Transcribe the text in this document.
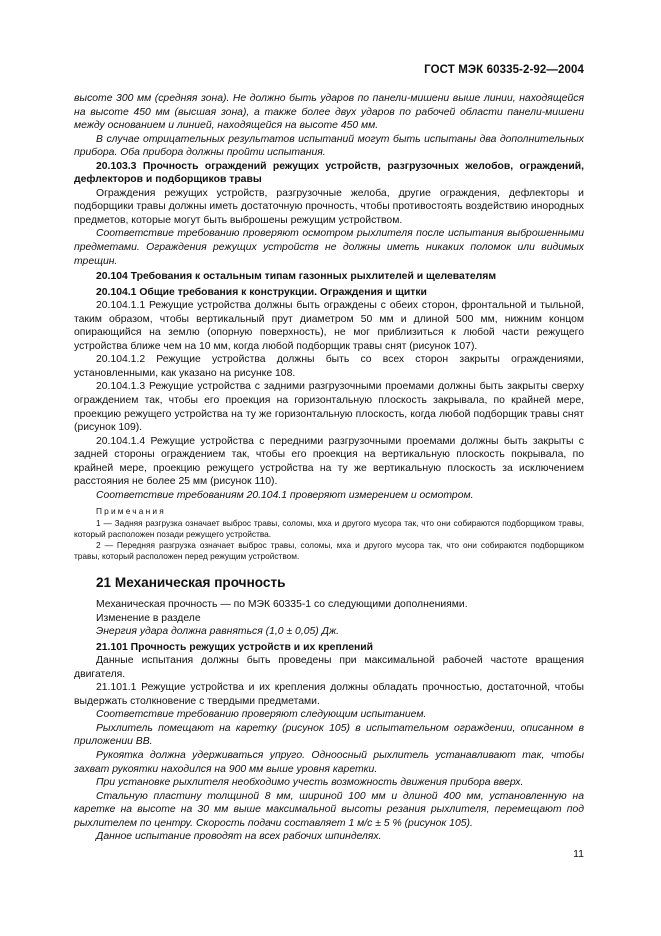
ГОСТ МЭК 60335-2-92—2004

высоте 300 мм (средняя зона). Не должно быть ударов по панели-мишени выше линии, находящейся на высоте 450 мм (высшая зона), а также более двух ударов по рабочей области панели-мишени между основанием и линией, находящейся на высоте 450 мм.

В случае отрицательных результатов испытаний могут быть испытаны два дополнительных прибора. Оба прибора должны пройти испытания.

20.103.3 Прочность ограждений режущих устройств, разгрузочных желобов, ограждений, дефлекторов и подборщиков травы

Ограждения режущих устройств, разгрузочные желоба, другие ограждения, дефлекторы и подборщики травы должны иметь достаточную прочность, чтобы противостоять воздействию инородных предметов, которые могут быть выброшены режущим устройством.

Соответствие требованию проверяют осмотром рыхлителя после испытания выброшенными предметами. Ограждения режущих устройств не должны иметь никаких поломок или видимых трещин.

20.104 Требования к остальным типам газонных рыхлителей и щелевателям

20.104.1 Общие требования к конструкции. Ограждения и щитки

20.104.1.1 Режущие устройства должны быть ограждены с обеих сторон, фронтальной и тыльной, таким образом, чтобы вертикальный прут диаметром 50 мм и длиной 500 мм, нижним концом опирающийся на землю (опорную поверхность), не мог приблизиться к любой части режущего устройства ближе чем на 10 мм, когда любой подборщик травы снят (рисунок 107).

20.104.1.2 Режущие устройства должны быть со всех сторон закрыты ограждениями, установленными, как указано на рисунке 108.

20.104.1.3 Режущие устройства с задними разгрузочными проемами должны быть закрыты сверху ограждением так, чтобы его проекция на горизонтальную плоскость закрывала, по крайней мере, проекцию режущего устройства на ту же горизонтальную плоскость, когда любой подборщик травы снят (рисунок 109).

20.104.1.4 Режущие устройства с передними разгрузочными проемами должны быть закрыты с задней стороны ограждением так, чтобы его проекция на вертикальную плоскость покрывала, по крайней мере, проекцию режущего устройства на ту же вертикальную плоскость за исключением расстояния не более 25 мм (рисунок 110).

Соответствие требованиям 20.104.1 проверяют измерением и осмотром.

Примечания

1 — Задняя разгрузка означает выброс травы, соломы, мха и другого мусора так, что они собираются подборщиком травы, который расположен позади режущего устройства.

2 — Передняя разгрузка означает выброс травы, соломы, мха и другого мусора так, что они собираются подборщиком травы, который расположен перед режущим устройством.

21 Механическая прочность

Механическая прочность — по МЭК 60335-1 со следующими дополнениями.

Изменение в разделе

Энергия удара должна равняться (1,0 ± 0,05) Дж.

21.101 Прочность режущих устройств и их креплений

Данные испытания должны быть проведены при максимальной рабочей частоте вращения двигателя.

21.101.1 Режущие устройства и их крепления должны обладать прочностью, достаточной, чтобы выдержать столкновение с твердыми предметами.

Соответствие требованию проверяют следующим испытанием.

Рыхлитель помещают на каретку (рисунок 105) в испытательном ограждении, описанном в приложении ВВ.

Рукоятка должна удерживаться упруго. Одноосный рыхлитель устанавливают так, чтобы захват рукоятки находился на 900 мм выше уровня каретки.

При установке рыхлителя необходимо учесть возможность движения прибора вверх.

Стальную пластину толщиной 8 мм, шириной 100 мм и длиной 400 мм, установленную на каретке на высоте на 30 мм выше максимальной высоты резания рыхлителя, перемещают под рыхлителем по центру. Скорость подачи составляет 1 м/с ± 5 % (рисунок 105).

Данное испытание проводят на всех рабочих шпинделях.

11
